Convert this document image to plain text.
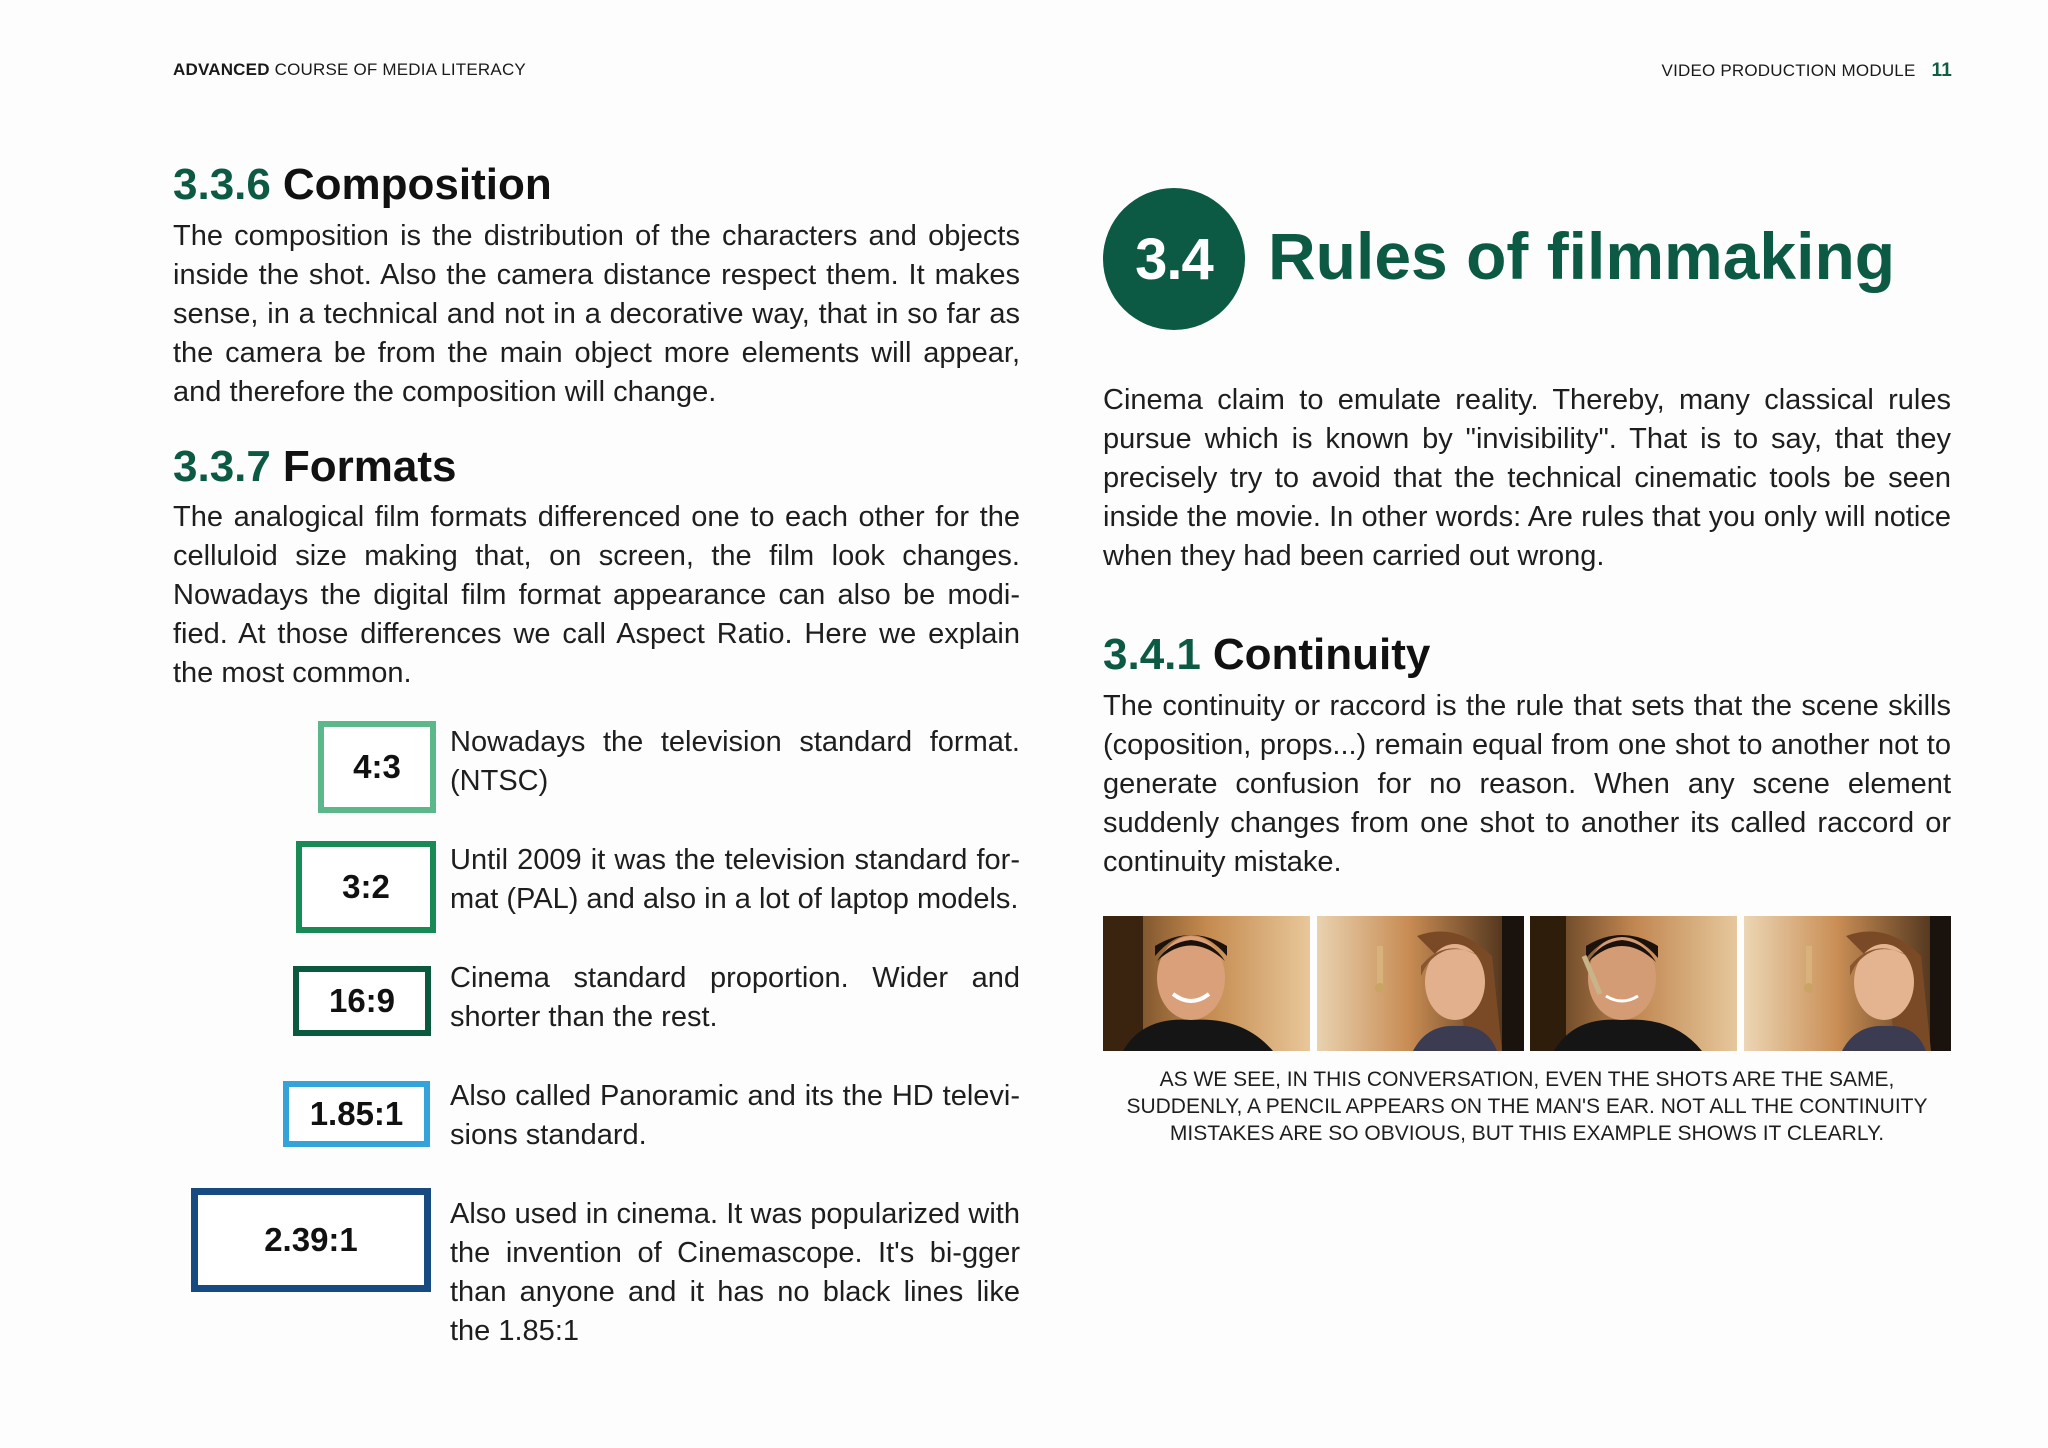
ADVANCED COURSE OF MEDIA LITERACY	VIDEO PRODUCTION MODULE 11
3.3.6 Composition

The composition is the distribution of the characters and objects inside the shot. Also the camera distance respect them. It makes sense, in a technical and not in a decorative way, that in so far as the camera be from the main object more elements will appear, and therefore the composition will change.

3.3.7 Formats

The analogical film formats differenced one to each other for the celluloid size making that, on screen, the film look changes. Nowadays the digital film format appearance can also be modi-fied. At those differences we call Aspect Ratio. Here we explain the most common.

4:3
Nowadays the television standard format. (NTSC)
3:2
Until 2009 it was the television standard for-mat (PAL) and also in a lot of laptop models.
16:9
Cinema standard proportion. Wider and shorter than the rest.
1.85:1 Also called Panoramic and its the HD televi-sions standard.
2.39:1
Also used in cinema. It was popularized with the invention of Cinemascope. It's bi-gger than anyone and it has no black lines like the 1.85:1
3.4 Rules of filmmaking

Cinema claim to emulate reality. Thereby, many classical rules pursue which is known by "invisibility". That is to say, that they precisely try to avoid that the technical cinematic tools be seen inside the movie. In other words: Are rules that you only will notice when they had been carried out wrong.

3.4.1 Continuity

The continuity or raccord is the rule that sets that the scene skills (coposition, props...) remain equal from one shot to another not to generate confusion for no reason. When any scene element suddenly changes from one shot to another its called raccord or continuity mistake.

AS WE SEE, IN THIS CONVERSATION, EVEN THE SHOTS ARE THE SAME, SUDDENLY, A PENCIL APPEARS ON THE MAN'S EAR. NOT ALL THE CONTINUITY MISTAKES ARE SO OBVIOUS, BUT THIS EXAMPLE SHOWS IT CLEARLY.
